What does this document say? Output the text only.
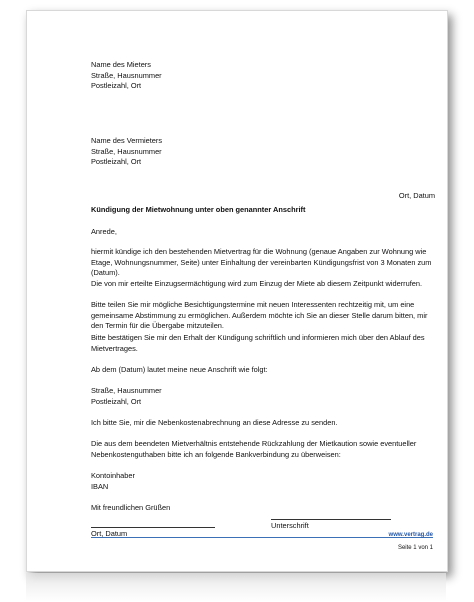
Name des Mieters
Straße, Hausnummer
Postleizahl, Ort
Name des Vermieters
Straße, Hausnummer
Postleizahl, Ort
Ort, Datum
Kündigung der Mietwohnung unter oben genannter Anschrift
Anrede,
hiermit kündige ich den bestehenden Mietvertrag für die Wohnung (genaue Angaben zur Wohnung wie Etage, Wohnungsnummer, Seite) unter Einhaltung der vereinbarten Kündigungsfrist von 3 Monaten zum (Datum).
Die von mir erteilte Einzugsermächtigung wird zum Einzug der Miete ab diesem Zeitpunkt widerrufen.
Bitte teilen Sie mir mögliche Besichtigungstermine mit neuen Interessenten rechtzeitig mit, um eine gemeinsame Abstimmung zu ermöglichen. Außerdem möchte ich Sie an dieser Stelle darum bitten, mir den Termin für die Übergabe mitzuteilen.
Bitte bestätigen Sie mir den Erhalt der Kündigung schriftlich und informieren mich über den Ablauf des Mietvertrages.
Ab dem (Datum) lautet meine neue Anschrift wie folgt:
Straße, Hausnummer
Postleizahl, Ort
Ich bitte Sie, mir die Nebenkostenabrechnung an diese Adresse zu senden.
Die aus dem beendeten Mietverhältnis entstehende Rückzahlung der Mietkaution sowie eventueller Nebenkostenguthaben bitte ich an folgende Bankverbindung zu überweisen:
Kontoinhaber
IBAN
Mit freundlichen Grüßen
Ort, Datum
Unterschrift
www.vertrag.de
Seite 1 von 1
